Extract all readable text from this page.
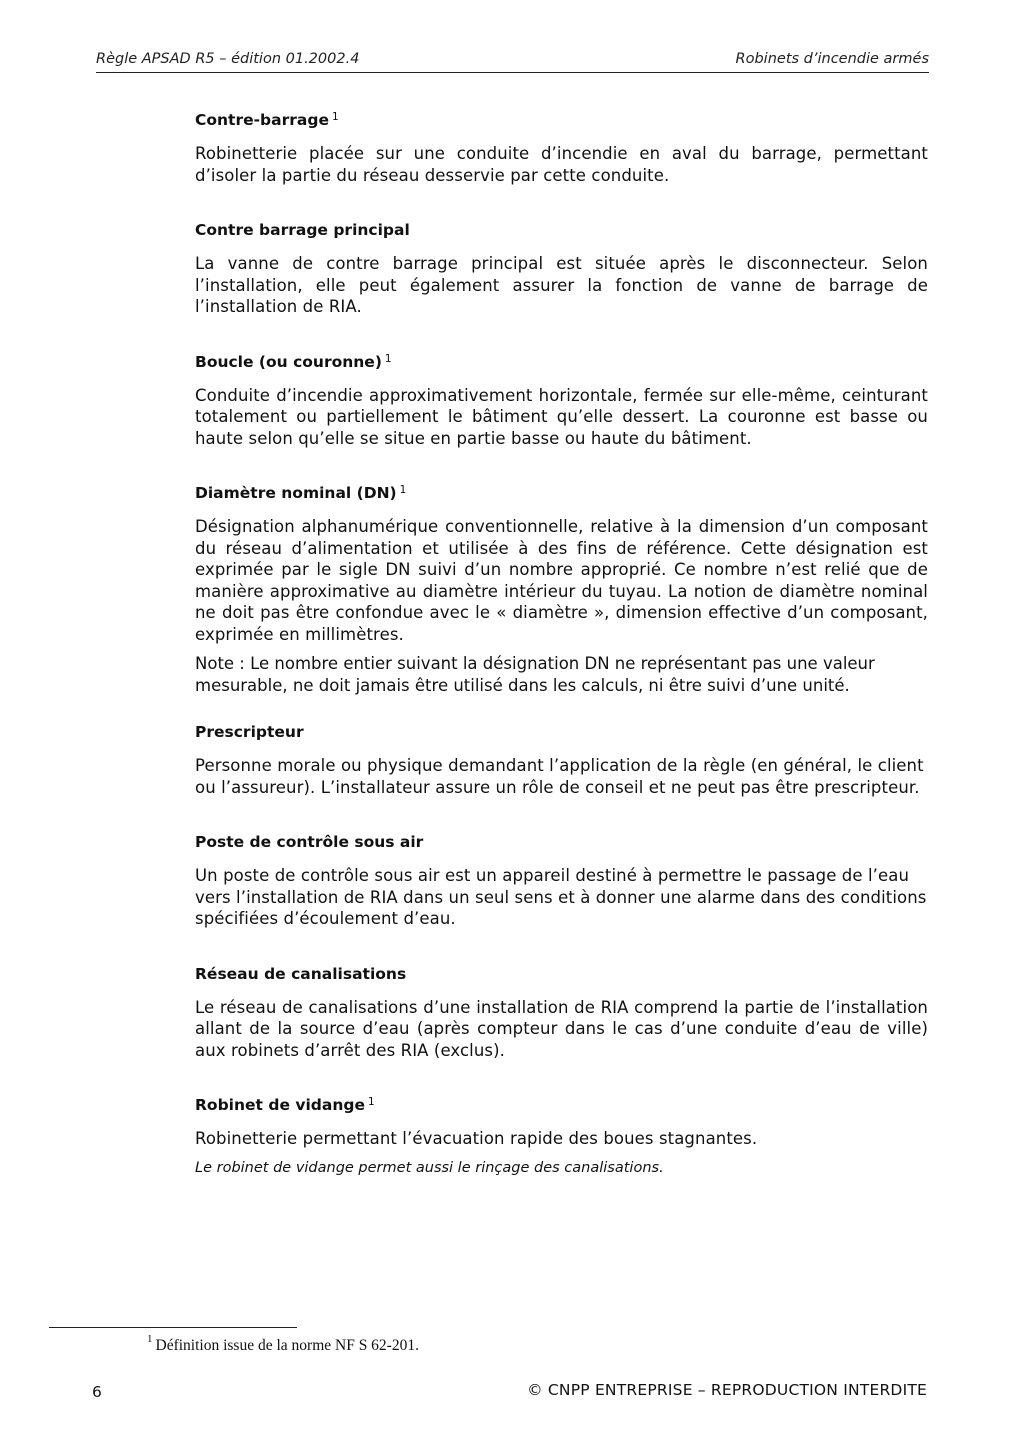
Règle APSAD R5 – édition 01.2002.4	Robinets d’incendie armés

Contre-barrage $^1$

Robinetterie placée sur une conduite d’incendie en aval du barrage, permettant d’isoler la partie du réseau desservie par cette conduite.

Contre barrage principal

La vanne de contre barrage principal est située après le disconnecteur. Selon l’installation, elle peut également assurer la fonction de vanne de barrage de l’installation de RIA.

Boucle (ou couronne) $^1$

Conduite d’incendie approximativement horizontale, fermée sur elle-même, ceinturant totalement ou partiellement le bâtiment qu’elle dessert. La couronne est basse ou haute selon qu’elle se situe en partie basse ou haute du bâtiment.

Diamètre nominal (DN) $^1$

Désignation alphanumérique conventionnelle, relative à la dimension d’un composant du réseau d’alimentation et utilisée à des fins de référence. Cette désignation est exprimée par le sigle DN suivi d’un nombre approprié. Ce nombre n’est relié que de manière approximative au diamètre intérieur du tuyau. La notion de diamètre nominal ne doit pas être confondue avec le « diamètre », dimension effective d’un composant, exprimée en millimètres.

Note : Le nombre entier suivant la désignation DN ne représentant pas une valeur mesurable, ne doit jamais être utilisé dans les calculs, ni être suivi d’une unité.

Prescripteur

Personne morale ou physique demandant l’application de la règle (en général, le client ou l’assureur). L’installateur assure un rôle de conseil et ne peut pas être prescripteur.

Poste de contrôle sous air

Un poste de contrôle sous air est un appareil destiné à permettre le passage de l’eau vers l’installation de RIA dans un seul sens et à donner une alarme dans des conditions spécifiées d’écoulement d’eau.

Réseau de canalisations

Le réseau de canalisations d’une installation de RIA comprend la partie de l’installation allant de la source d’eau (après compteur dans le cas d’une conduite d’eau de ville) aux robinets d’arrêt des RIA (exclus).

Robinet de vidange $^1$

Robinetterie permettant l’évacuation rapide des boues stagnantes.

Le robinet de vidange permet aussi le rinçage des canalisations.

$^1$ Définition issue de la norme NF S 62-201.
6	© CNPP ENTREPRISE – REPRODUCTION INTERDITE
